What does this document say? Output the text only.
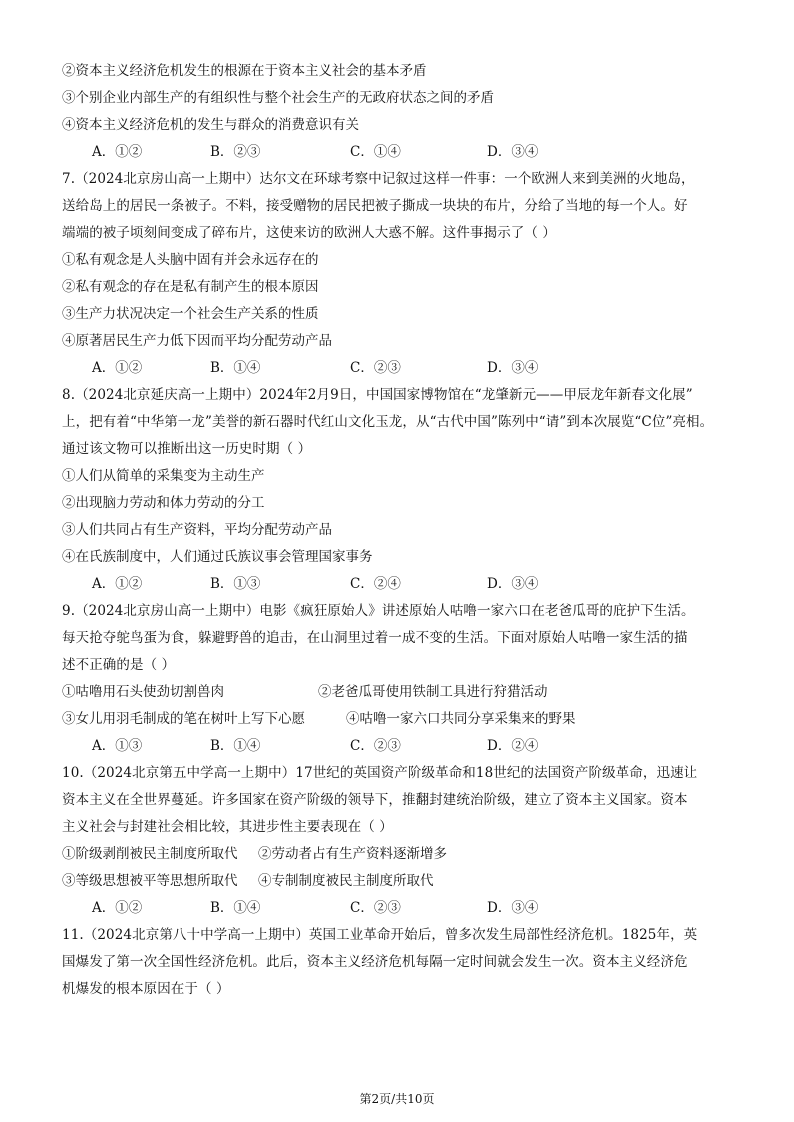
②资本主义经济危机发生的根源在于资本主义社会的基本矛盾
③个别企业内部生产的有组织性与整个社会生产的无政府状态之间的矛盾
④资本主义经济危机的发生与群众的消费意识有关
A．①②	B．②③	C．①④	D．③④
7.（2024北京房山高一上期中）达尔文在环球考察中记叙过这样一件事：一个欧洲人来到美洲的火地岛，
送给岛上的居民一条被子。不料，接受赠物的居民把被子撕成一块块的布片，分给了当地的每一个人。好
端端的被子顷刻间变成了碎布片，这使来访的欧洲人大惑不解。这件事揭示了（ ）
①私有观念是人头脑中固有并会永远存在的
②私有观念的存在是私有制产生的根本原因
③生产力状况决定一个社会生产关系的性质
④原著居民生产力低下因而平均分配劳动产品
A．①②	B．①④	C．②③	D．③④
8.（2024北京延庆高一上期中）2024年2月9日，中国国家博物馆在“龙肇新元——甲辰龙年新春文化展”
上，把有着“中华第一龙”美誉的新石器时代红山文化玉龙，从“古代中国”陈列中“请”到本次展览“C位”亮相。
通过该文物可以推断出这一历史时期（ ）
①人们从简单的采集变为主动生产
②出现脑力劳动和体力劳动的分工
③人们共同占有生产资料，平均分配劳动产品
④在氏族制度中，人们通过氏族议事会管理国家事务
A．①②	B．①③	C．②④	D．③④
9.（2024北京房山高一上期中）电影《疯狂原始人》讲述原始人咕噜一家六口在老爸瓜哥的庇护下生活。
每天抢夺鸵鸟蛋为食，躲避野兽的追击，在山洞里过着一成不变的生活。下面对原始人咕噜一家生活的描
述不正确的是（ ）
①咕噜用石头使劲切割兽肉	②老爸瓜哥使用铁制工具进行狩猎活动
③女儿用羽毛制成的笔在树叶上写下心愿	④咕噜一家六口共同分享采集来的野果
A．①③	B．①④	C．②③	D．②④
10.（2024北京第五中学高一上期中）17世纪的英国资产阶级革命和18世纪的法国资产阶级革命，迅速让
资本主义在全世界蔓延。许多国家在资产阶级的领导下，推翻封建统治阶级，建立了资本主义国家。资本
主义社会与封建社会相比较，其进步性主要表现在（ ）
①阶级剥削被民主制度所取代 ②劳动者占有生产资料逐渐增多
③等级思想被平等思想所取代 ④专制制度被民主制度所取代
A．①②	B．①④	C．②③	D．③④
11.（2024北京第八十中学高一上期中）英国工业革命开始后，曾多次发生局部性经济危机。1825年，英
国爆发了第一次全国性经济危机。此后，资本主义经济危机每隔一定时间就会发生一次。资本主义经济危
机爆发的根本原因在于（ ）
第2页/共10页
